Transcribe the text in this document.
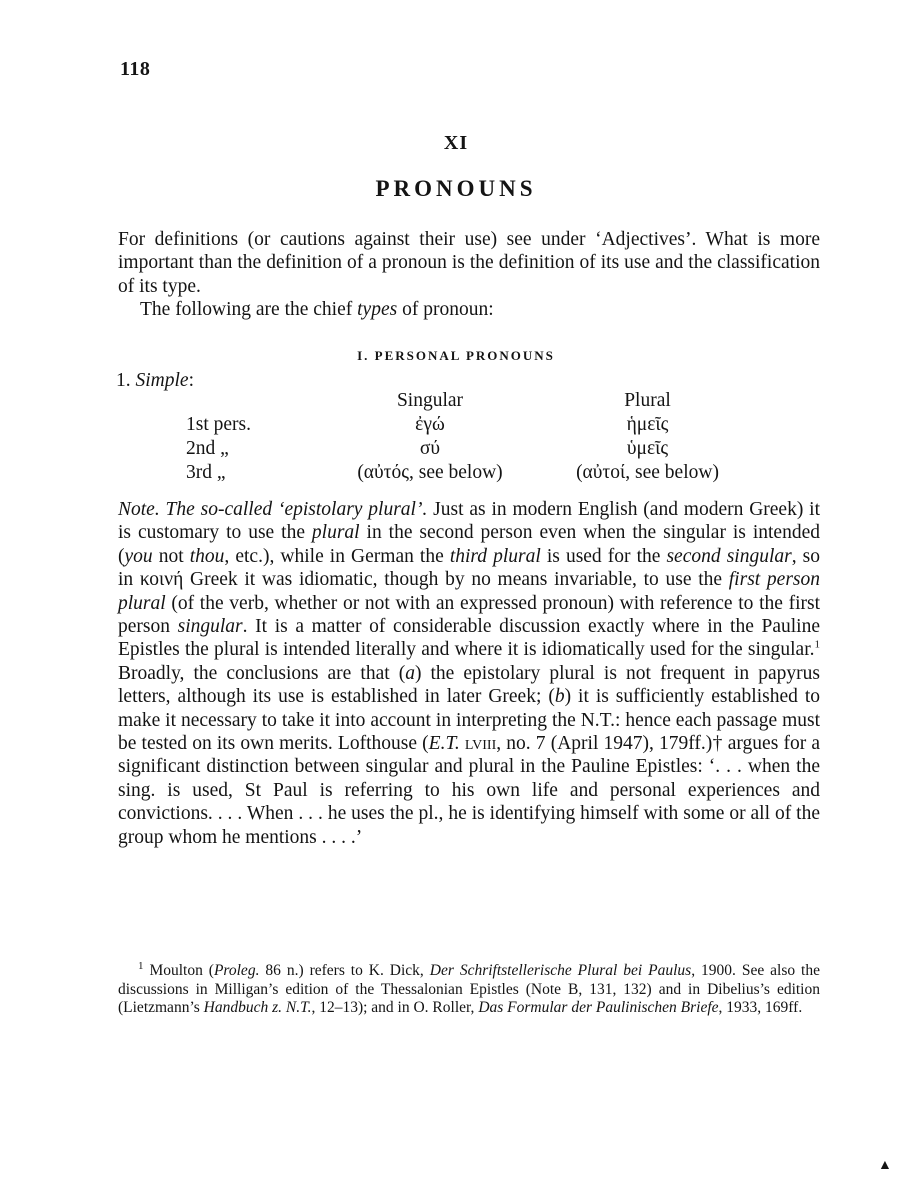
118
XI
PRONOUNS

For definitions (or cautions against their use) see under ‘Adjectives’. What is more important than the definition of a pronoun is the definition of its use and the classification of its type.

The following are the chief types of pronoun:

I. PERSONAL PRONOUNS
1. Simple:
Singular	Plural
1st pers.	ἐγώ	ἡμεῖς
2nd „	σύ	ὑμεῖς
3rd „	(αὐτός, see below)	(αὐτοί, see below)

Note. The so-called ‘epistolary plural’. Just as in modern English (and modern Greek) it is customary to use the plural in the second person even when the singular is intended (you not thou, etc.), while in German the third plural is used for the second singular, so in κοινή Greek it was idiomatic, though by no means invariable, to use the first person plural (of the verb, whether or not with an expressed pronoun) with reference to the first person singular. It is a matter of considerable discussion exactly where in the Pauline Epistles the plural is intended literally and where it is idiomatically used for the singular.$^1$ Broadly, the conclusions are that (a) the epistolary plural is not frequent in papyrus letters, although its use is established in later Greek; (b) it is sufficiently established to make it necessary to take it into account in interpreting the N.T.: hence each passage must be tested on its own merits. Lofthouse (E.T. lviii, no. 7 (April 1947), 179ff.)† argues for a significant distinction between singular and plural in the Pauline Epistles: ‘. . . when the sing. is used, St Paul is referring to his own life and personal experiences and convictions. . . . When . . . he uses the pl., he is identifying himself with some or all of the group whom he mentions . . . .’

$^1$ Moulton (Proleg. 86 n.) refers to K. Dick, Der Schriftstellerische Plural bei Paulus, 1900. See also the discussions in Milligan’s edition of the Thessalonian Epistles (Note B, 131, 132) and in Dibelius’s edition (Lietzmann’s Handbuch z. N.T., 12–13); and in O. Roller, Das Formular der Paulinischen Briefe, 1933, 169ff.

▲
